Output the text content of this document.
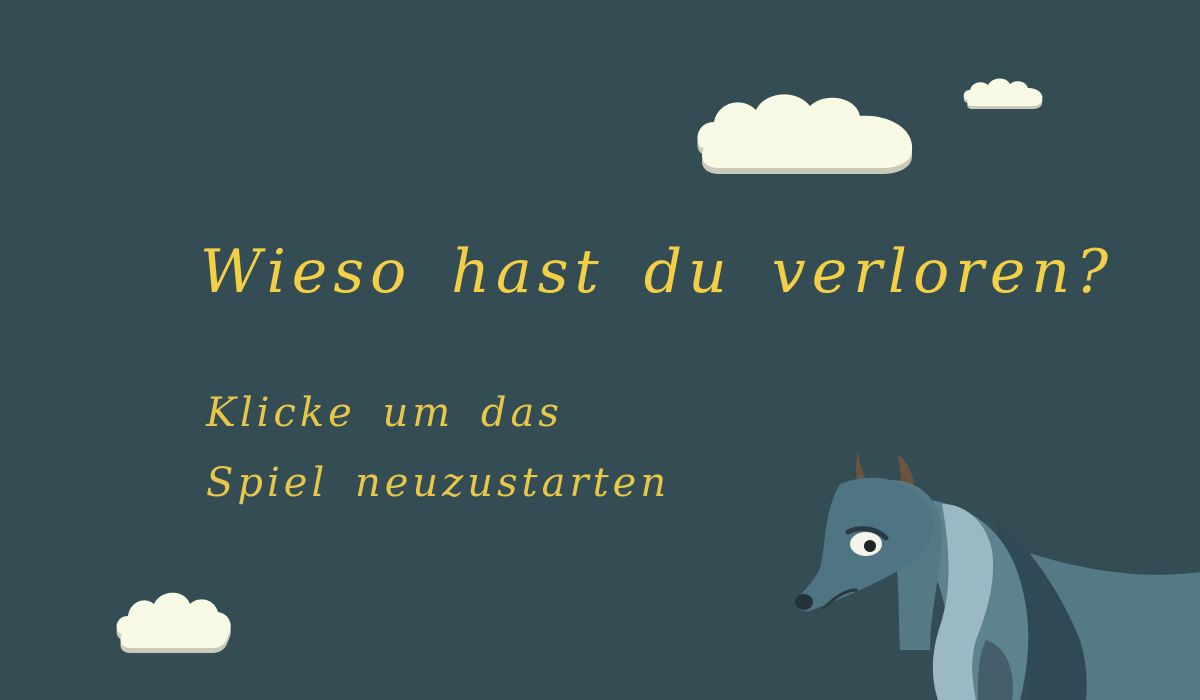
Wieso hast du verloren?
Klicke um das
Spiel neuzustarten
